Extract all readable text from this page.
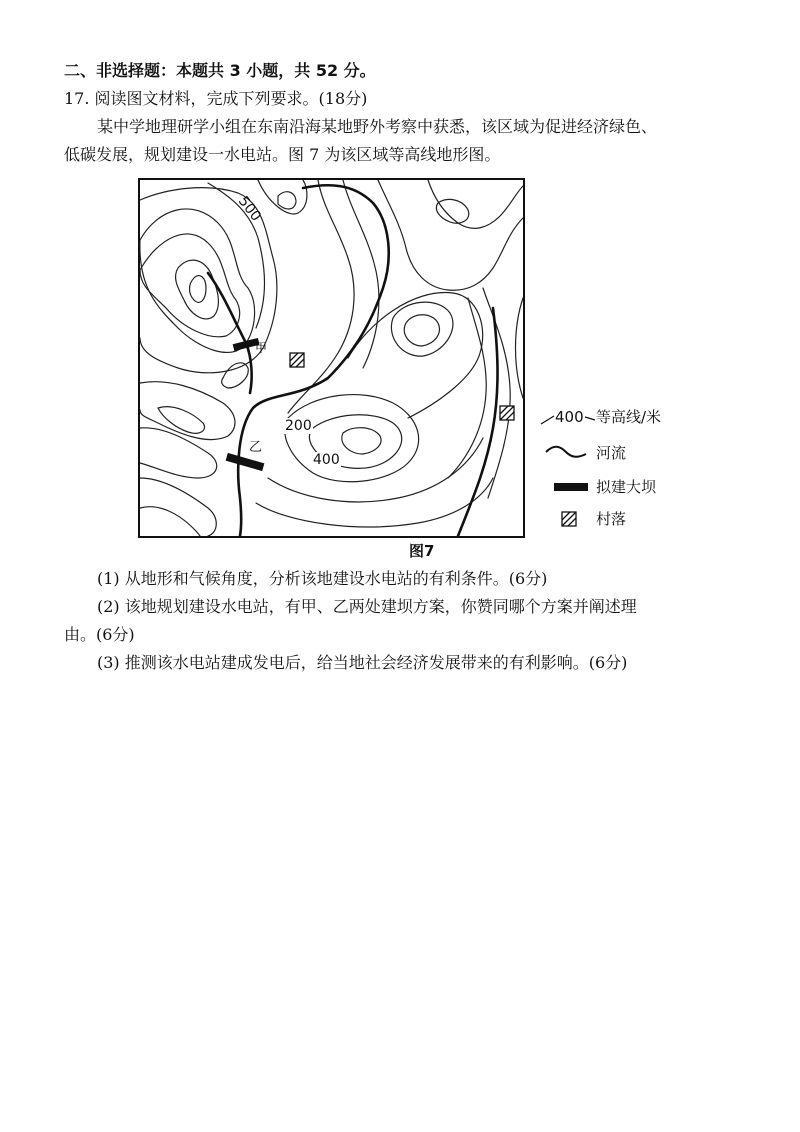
二、非选择题：本题共 3 小题，共 52 分。
17. 阅读图文材料，完成下列要求。(18分)
某中学地理研学小组在东南沿海某地野外考察中获悉，该区域为促进经济绿色、
低碳发展，规划建设一水电站。图 7 为该区域等高线地形图。
500
200
400
甲
乙
400 等高线/米
河流
拟建大坝
村落
图7
(1) 从地形和气候角度，分析该地建设水电站的有利条件。(6分)
(2) 该地规划建设水电站，有甲、乙两处建坝方案，你赞同哪个方案并阐述理
由。(6分)
(3) 推测该水电站建成发电后，给当地社会经济发展带来的有利影响。(6分)
